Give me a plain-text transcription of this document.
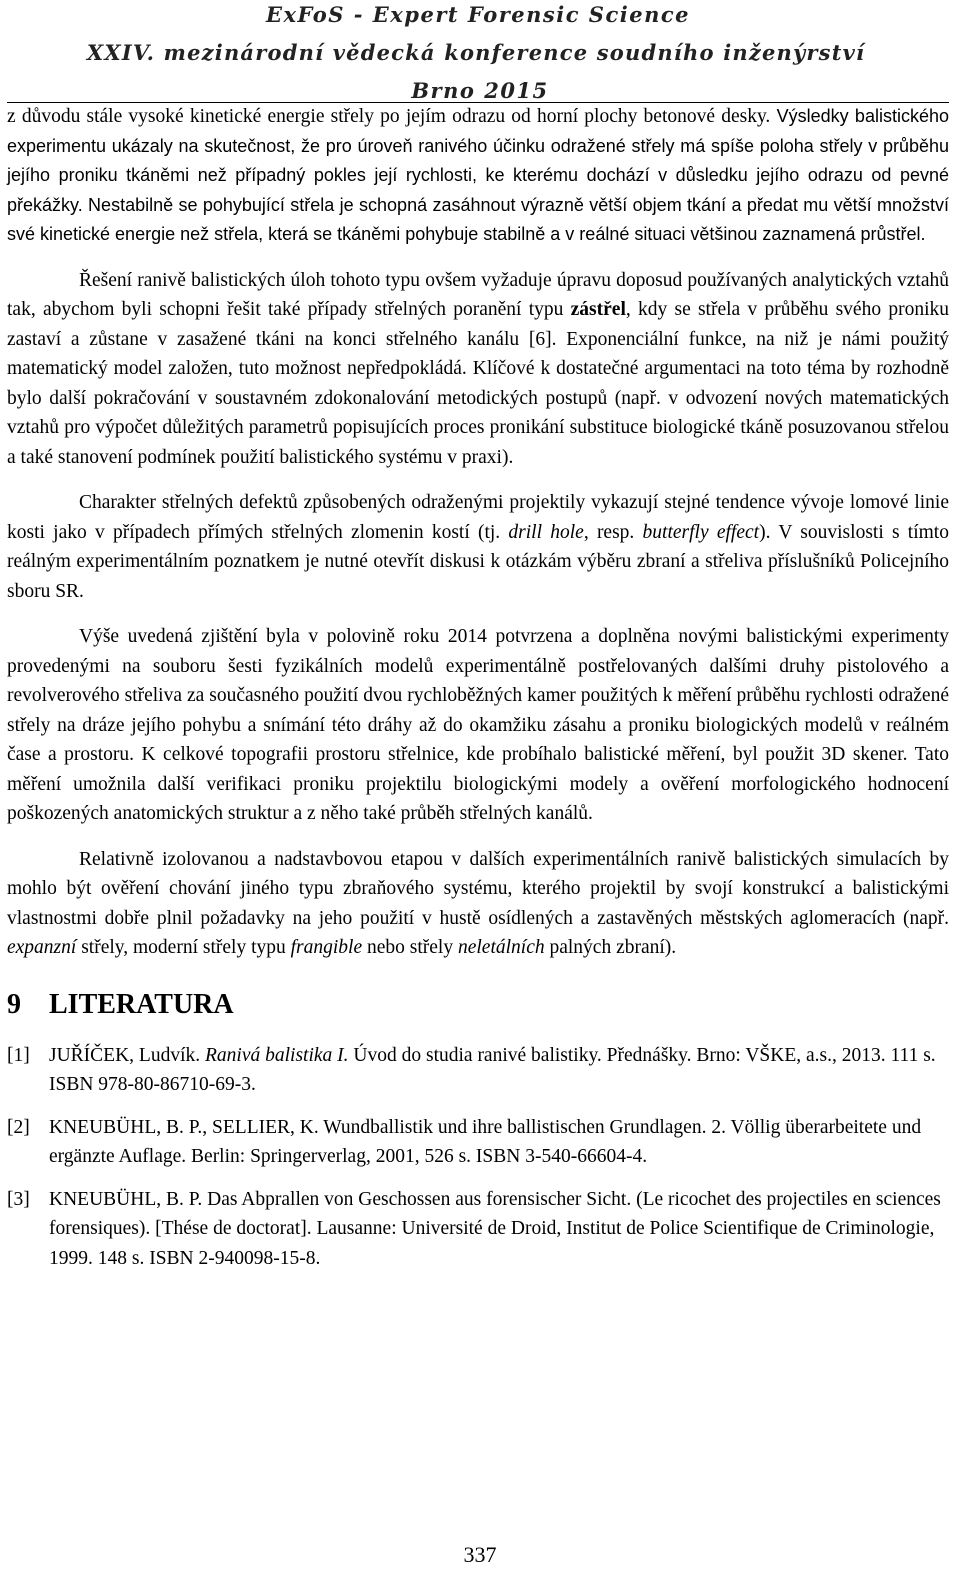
ExFoS - Expert Forensic Science
XXIV. mezinárodní vědecká konference soudního inženýrství
Brno 2015

z důvodu stále vysoké kinetické energie střely po jejím odrazu od horní plochy betonové desky. Výsledky balistického experimentu ukázaly na skutečnost, že pro úroveň ranivého účinku odražené střely má spíše poloha střely v průběhu jejího proniku tkáněmi než případný pokles její rychlosti, ke kterému dochází v důsledku jejího odrazu od pevné překážky. Nestabilně se pohybující střela je schopná zasáhnout výrazně větší objem tkání a předat mu větší množství své kinetické energie než střela, která se tkáněmi pohybuje stabilně a v reálné situaci většinou zaznamená průstřel.

Řešení ranivě balistických úloh tohoto typu ovšem vyžaduje úpravu doposud používaných analytických vztahů tak, abychom byli schopni řešit také případy střelných poranění typu zástřel, kdy se střela v průběhu svého proniku zastaví a zůstane v zasažené tkáni na konci střelného kanálu [6]. Exponenciální funkce, na niž je námi použitý matematický model založen, tuto možnost nepředpokládá. Klíčové k dostatečné argumentaci na toto téma by rozhodně bylo další pokračování v soustavném zdokonalování metodických postupů (např. v odvození nových matematických vztahů pro výpočet důležitých parametrů popisujících proces pronikání substituce biologické tkáně posuzovanou střelou a také stanovení podmínek použití balistického systému v praxi).

Charakter střelných defektů způsobených odraženými projektily vykazují stejné tendence vývoje lomové linie kosti jako v případech přímých střelných zlomenin kostí (tj. drill hole, resp. butterfly effect). V souvislosti s tímto reálným experimentálním poznatkem je nutné otevřít diskusi k otázkám výběru zbraní a střeliva příslušníků Policejního sboru SR.

Výše uvedená zjištění byla v polovině roku 2014 potvrzena a doplněna novými balistickými experimenty provedenými na souboru šesti fyzikálních modelů experimentálně postřelovaných dalšími druhy pistolového a revolverového střeliva za současného použití dvou rychloběžných kamer použitých k měření průběhu rychlosti odražené střely na dráze jejího pohybu a snímání této dráhy až do okamžiku zásahu a proniku biologických modelů v reálném čase a prostoru. K celkové topografii prostoru střelnice, kde probíhalo balistické měření, byl použit 3D skener. Tato měření umožnila další verifikaci proniku projektilu biologickými modely a ověření morfologického hodnocení poškozených anatomických struktur a z něho také průběh střelných kanálů.

Relativně izolovanou a nadstavbovou etapou v dalších experimentálních ranivě balistických simulacích by mohlo být ověření chování jiného typu zbraňového systému, kterého projektil by svojí konstrukcí a balistickými vlastnostmi dobře plnil požadavky na jeho použití v hustě osídlených a zastavěných městských aglomeracích (např. expanzní střely, moderní střely typu frangible nebo střely neletálních palných zbraní).

9 LITERATURA
[1] JUŘÍČEK, Ludvík. Ranivá balistika I. Úvod do studia ranivé balistiky. Přednášky. Brno: VŠKE, a.s., 2013. 111 s. ISBN 978-80-86710-69-3.
[2] KNEUBÜHL, B. P., SELLIER, K. Wundballistik und ihre ballistischen Grundlagen. 2. Völlig überarbeitete und ergänzte Auflage. Berlin: Springerverlag, 2001, 526 s. ISBN 3-540-66604-4.
[3] KNEUBÜHL, B. P. Das Abprallen von Geschossen aus forensischer Sicht. (Le ricochet des projectiles en sciences forensiques). [Thése de doctorat]. Lausanne: Université de Droid, Institut de Police Scientifique de Criminologie, 1999. 148 s. ISBN 2-940098-15-8.
337
